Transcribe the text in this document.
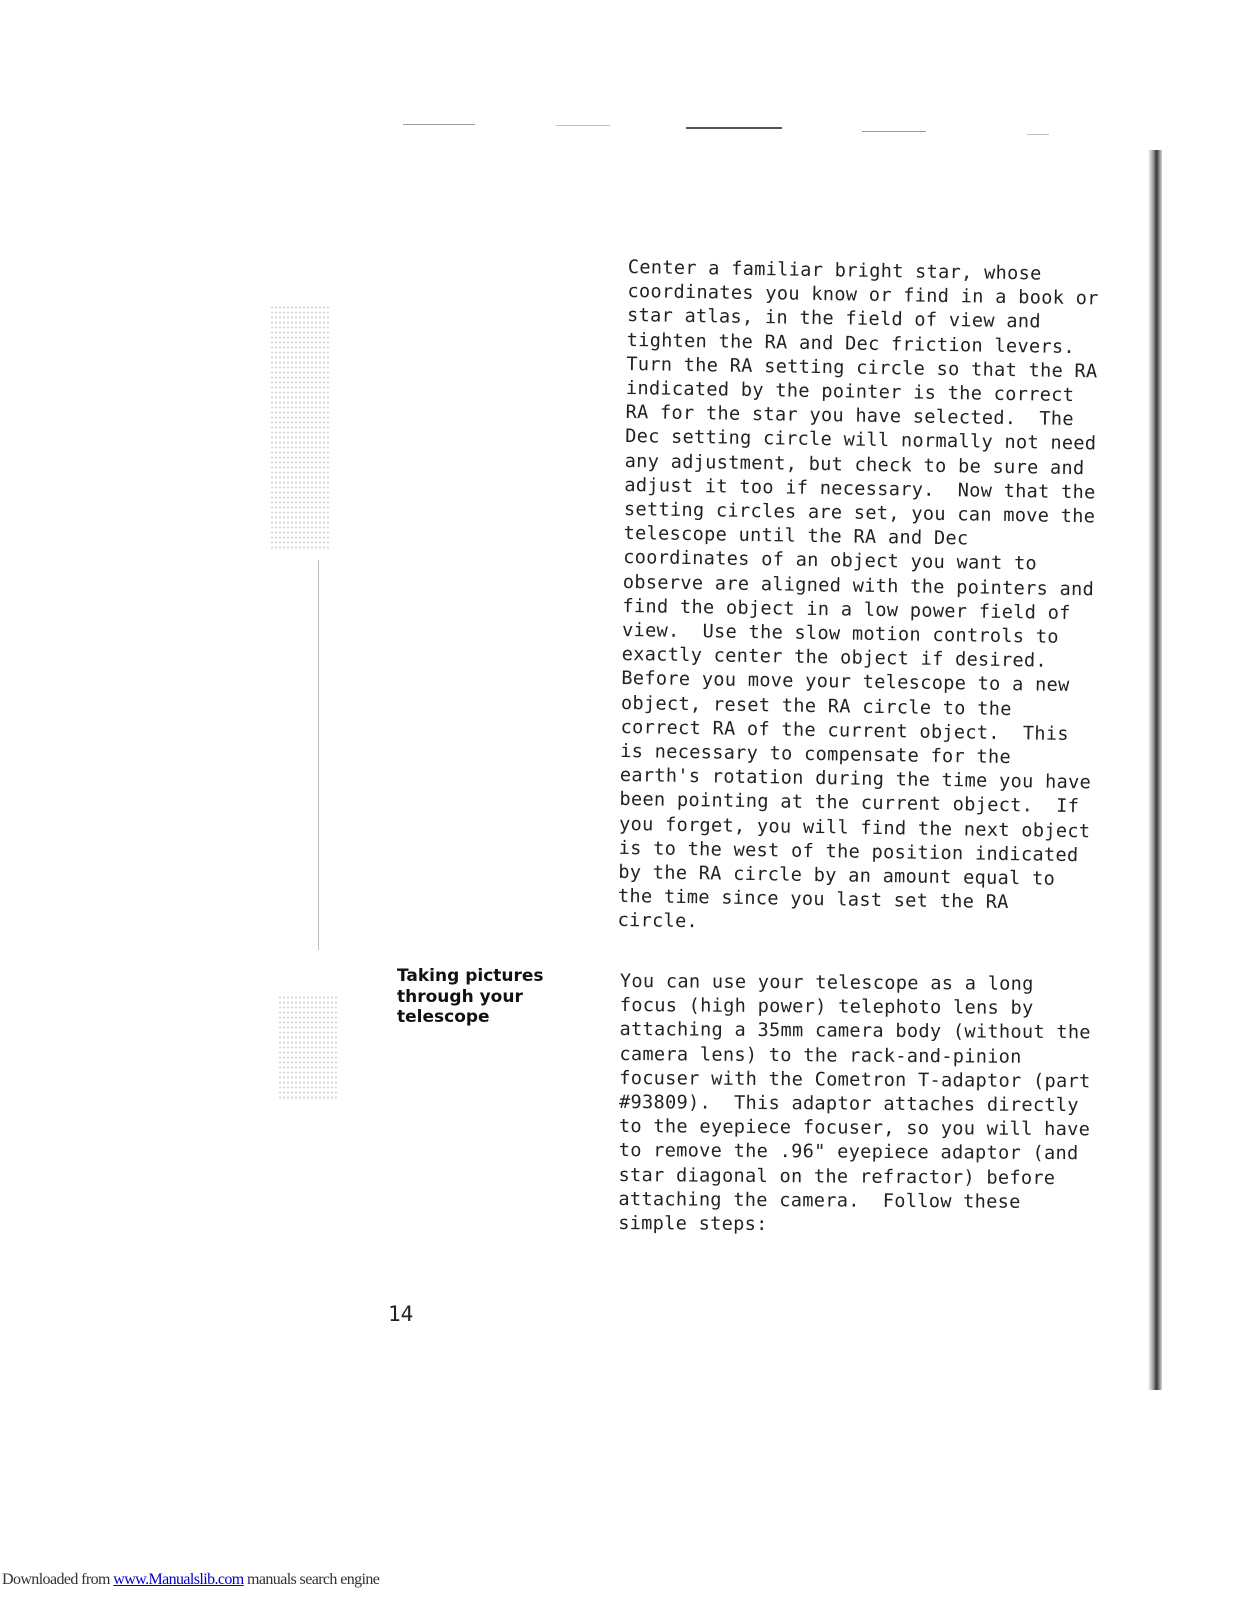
Center a familiar bright star, whose
coordinates you know or find in a book or
star atlas, in the field of view and
tighten the RA and Dec friction levers.
Turn the RA setting circle so that the RA
indicated by the pointer is the correct
RA for the star you have selected.  The
Dec setting circle will normally not need
any adjustment, but check to be sure and
adjust it too if necessary.  Now that the
setting circles are set, you can move the
telescope until the RA and Dec
coordinates of an object you want to
observe are aligned with the pointers and
find the object in a low power field of
view.  Use the slow motion controls to
exactly center the object if desired.
Before you move your telescope to a new
object, reset the RA circle to the
correct RA of the current object.  This
is necessary to compensate for the
earth's rotation during the time you have
been pointing at the current object.  If
you forget, you will find the next object
is to the west of the position indicated
by the RA circle by an amount equal to
the time since you last set the RA
circle.

Taking pictures
through your
telescope

You can use your telescope as a long
focus (high power) telephoto lens by
attaching a 35mm camera body (without the
camera lens) to the rack-and-pinion
focuser with the Cometron T-adaptor (part
#93809).  This adaptor attaches directly
to the eyepiece focuser, so you will have
to remove the .96" eyepiece adaptor (and
star diagonal on the refractor) before
attaching the camera.  Follow these
simple steps:

14
Downloaded from www.Manualslib.com manuals search engine
